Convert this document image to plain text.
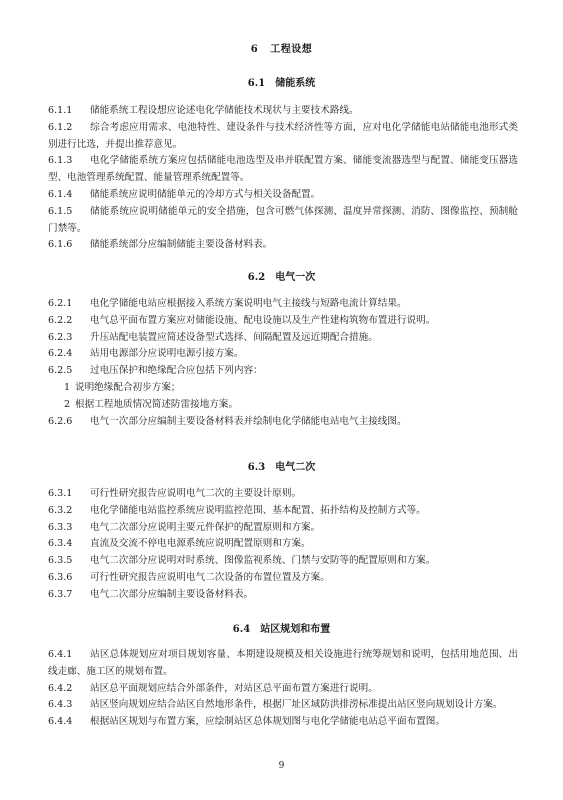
6 工程设想
6.1 储能系统
6.1.1 储能系统工程设想应论述电化学储能技术现状与主要技术路线。
6.1.2 综合考虑应用需求、电池特性、建设条件与技术经济性等方面，应对电化学储能电站储能电池形式类别进行比选，并提出推荐意见。
6.1.3 电化学储能系统方案应包括储能电池选型及串并联配置方案、储能变流器选型与配置、储能变压器选型、电池管理系统配置、能量管理系统配置等。
6.1.4 储能系统应说明储能单元的冷却方式与相关设备配置。
6.1.5 储能系统应说明储能单元的安全措施，包含可燃气体探测、温度异常探测、消防、图像监控、预制舱门禁等。
6.1.6 储能系统部分应编制储能主要设备材料表。
6.2 电气一次
6.2.1 电化学储能电站应根据接入系统方案说明电气主接线与短路电流计算结果。
6.2.2 电气总平面布置方案应对储能设施、配电设施以及生产性建构筑物布置进行说明。
6.2.3 升压站配电装置应简述设备型式选择、间隔配置及远近期配合措施。
6.2.4 站用电源部分应说明电源引接方案。
6.2.5 过电压保护和绝缘配合应包括下列内容：
1 说明绝缘配合初步方案；
2 根据工程地质情况简述防雷接地方案。
6.2.6 电气一次部分应编制主要设备材料表并绘制电化学储能电站电气主接线图。
6.3 电气二次
6.3.1 可行性研究报告应说明电气二次的主要设计原则。
6.3.2 电化学储能电站监控系统应说明监控范围、基本配置、拓扑结构及控制方式等。
6.3.3 电气二次部分应说明主要元件保护的配置原则和方案。
6.3.4 直流及交流不停电电源系统应说明配置原则和方案。
6.3.5 电气二次部分应说明对时系统、图像监视系统、门禁与安防等的配置原则和方案。
6.3.6 可行性研究报告应说明电气二次设备的布置位置及方案。
6.3.7 电气二次部分应编制主要设备材料表。
6.4 站区规划和布置
6.4.1 站区总体规划应对项目规划容量、本期建设规模及相关设施进行统筹规划和说明，包括用地范围、出线走廊、施工区的规划布置。
6.4.2 站区总平面规划应结合外部条件，对站区总平面布置方案进行说明。
6.4.3 站区竖向规划应结合站区自然地形条件，根据厂址区域防洪排涝标准提出站区竖向规划设计方案。
6.4.4 根据站区规划与布置方案，应绘制站区总体规划图与电化学储能电站总平面布置图。
9
